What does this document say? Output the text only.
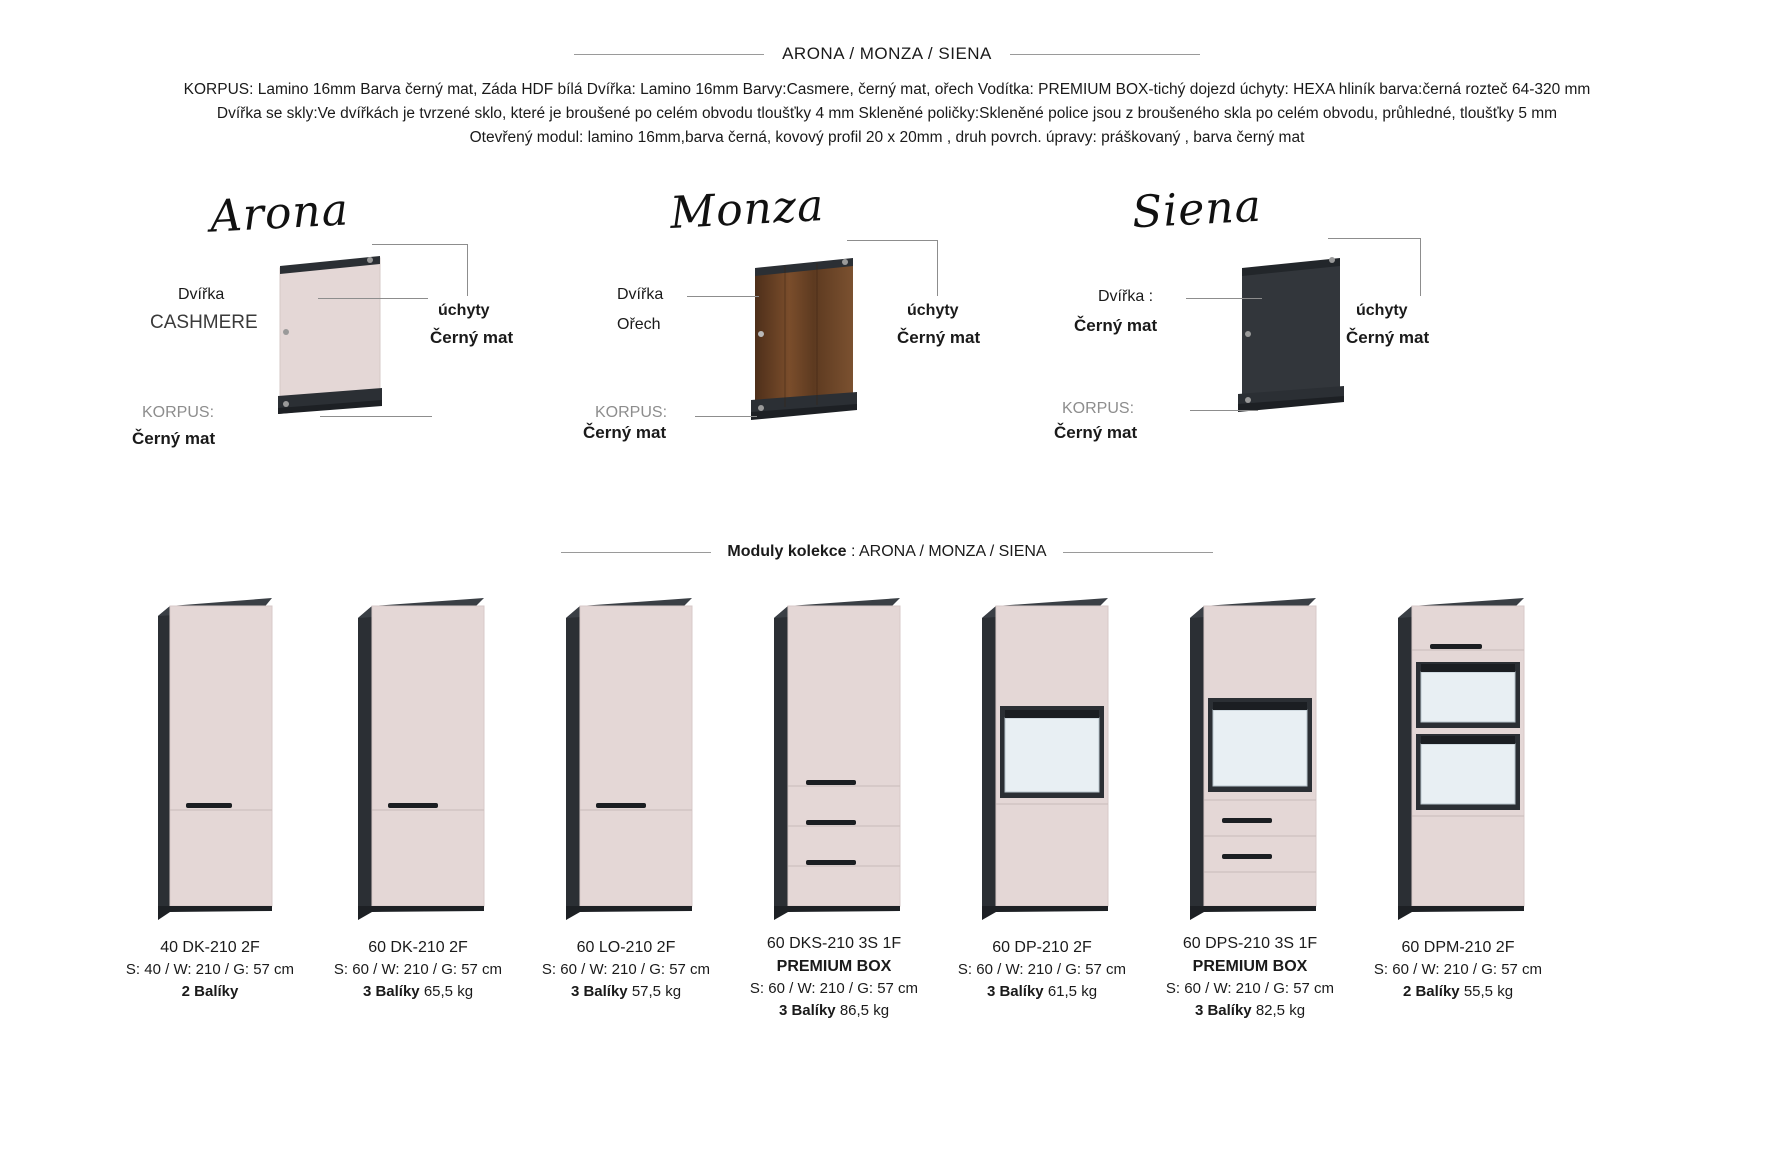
ARONA / MONZA / SIENA
KORPUS: Lamino 16mm Barva černý mat, Záda HDF bílá Dvířka: Lamino 16mm Barvy:Casmere, černý mat, ořech Vodítka: PREMIUM BOX-tichý dojezd úchyty: HEXA hliník barva:černá rozteč 64-320 mm
Dvířka se skly:Ve dvířkách je tvrzené sklo, které je broušené po celém obvodu tloušťky 4 mm Skleněné poličky:Skleněné police jsou z broušeného skla po celém obvodu, průhledné, tloušťky 5 mm
Otevřený modul: lamino 16mm,barva černá, kovový profil 20 x 20mm , druh povrch. úpravy: práškovaný , barva černý mat
Arona
Dvířka
CASHMERE
úchyty
Černý mat
KORPUS:
Černý mat
Monza
Dvířka
Ořech
úchyty
Černý mat
KORPUS:
Černý mat
Siena
Dvířka :
Černý mat
úchyty
Černý mat
KORPUS:
Černý mat
Moduly kolekce : ARONA / MONZA / SIENA
40 DK-210 2F
S: 40 / W: 210 / G: 57 cm
2 Balíky
60 DK-210 2F
S: 60 / W: 210 / G: 57 cm
3 Balíky 65,5 kg
60 LO-210 2F
S: 60 / W: 210 / G: 57 cm
3 Balíky 57,5 kg
60 DKS-210 3S 1F
PREMIUM BOX
S: 60 / W: 210 / G: 57 cm
3 Balíky 86,5 kg
60 DP-210 2F
S: 60 / W: 210 / G: 57 cm
3 Balíky 61,5 kg
60 DPS-210 3S 1F
PREMIUM BOX
S: 60 / W: 210 / G: 57 cm
3 Balíky 82,5 kg
60 DPM-210 2F
S: 60 / W: 210 / G: 57 cm
2 Balíky 55,5 kg
